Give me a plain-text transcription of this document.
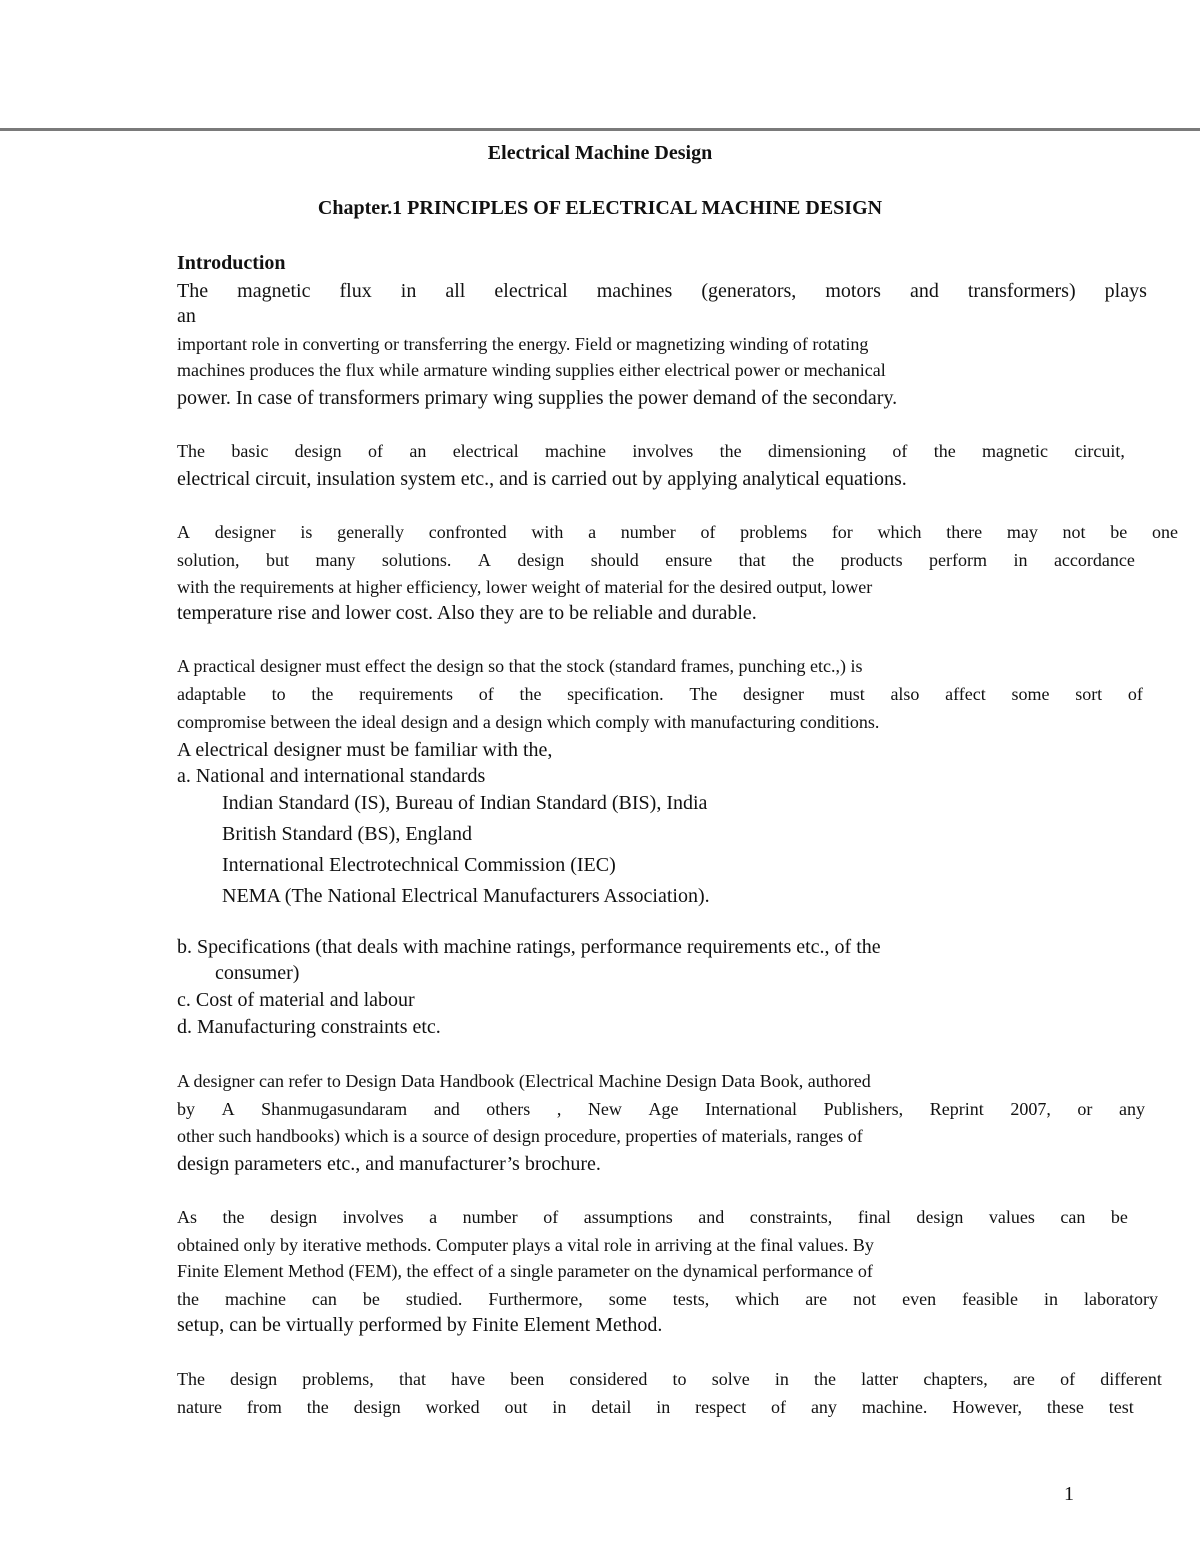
Electrical Machine Design
Chapter.1 PRINCIPLES OF ELECTRICAL MACHINE DESIGN
Introduction
The magnetic flux in all electrical machines (generators, motors and transformers) plays
an
important role in converting or transferring the energy. Field or magnetizing winding of rotating
machines produces the flux while armature winding supplies either electrical power or mechanical
power. In case of transformers primary wing supplies the power demand of the secondary.
The basic design of an electrical machine involves the dimensioning of the magnetic circuit,
electrical circuit, insulation system etc., and is carried out by applying analytical equations.
A designer is generally confronted with a number of problems for which there may not be one
solution, but many solutions. A design should ensure that the products perform in accordance
with the requirements at higher efficiency, lower weight of material for the desired output, lower
temperature rise and lower cost. Also they are to be reliable and durable.
A practical designer must effect the design so that the stock (standard frames, punching etc.,) is
adaptable to the requirements of the specification. The designer must also affect some sort of
compromise between the ideal design and a design which comply with manufacturing conditions.
A electrical designer must be familiar with the,
a. National and international standards
Indian Standard (IS), Bureau of Indian Standard (BIS), India
British Standard (BS), England
International Electrotechnical Commission (IEC)
NEMA (The National Electrical Manufacturers Association).
b. Specifications (that deals with machine ratings, performance requirements etc., of the
consumer)
c. Cost of material and labour
d. Manufacturing constraints etc.
A designer can refer to Design Data Handbook (Electrical Machine Design Data Book, authored
by A Shanmugasundaram and others , New Age International Publishers, Reprint 2007, or any
other such handbooks) which is a source of design procedure, properties of materials, ranges of
design parameters etc., and manufacturer’s brochure.
As the design involves a number of assumptions and constraints, final design values can be
obtained only by iterative methods. Computer plays a vital role in arriving at the final values. By
Finite Element Method (FEM), the effect of a single parameter on the dynamical performance of
the machine can be studied. Furthermore, some tests, which are not even feasible in laboratory
setup, can be virtually performed by Finite Element Method.
The design problems, that have been considered to solve in the latter chapters, are of different
nature from the design worked out in detail in respect of any machine. However, these test
1
